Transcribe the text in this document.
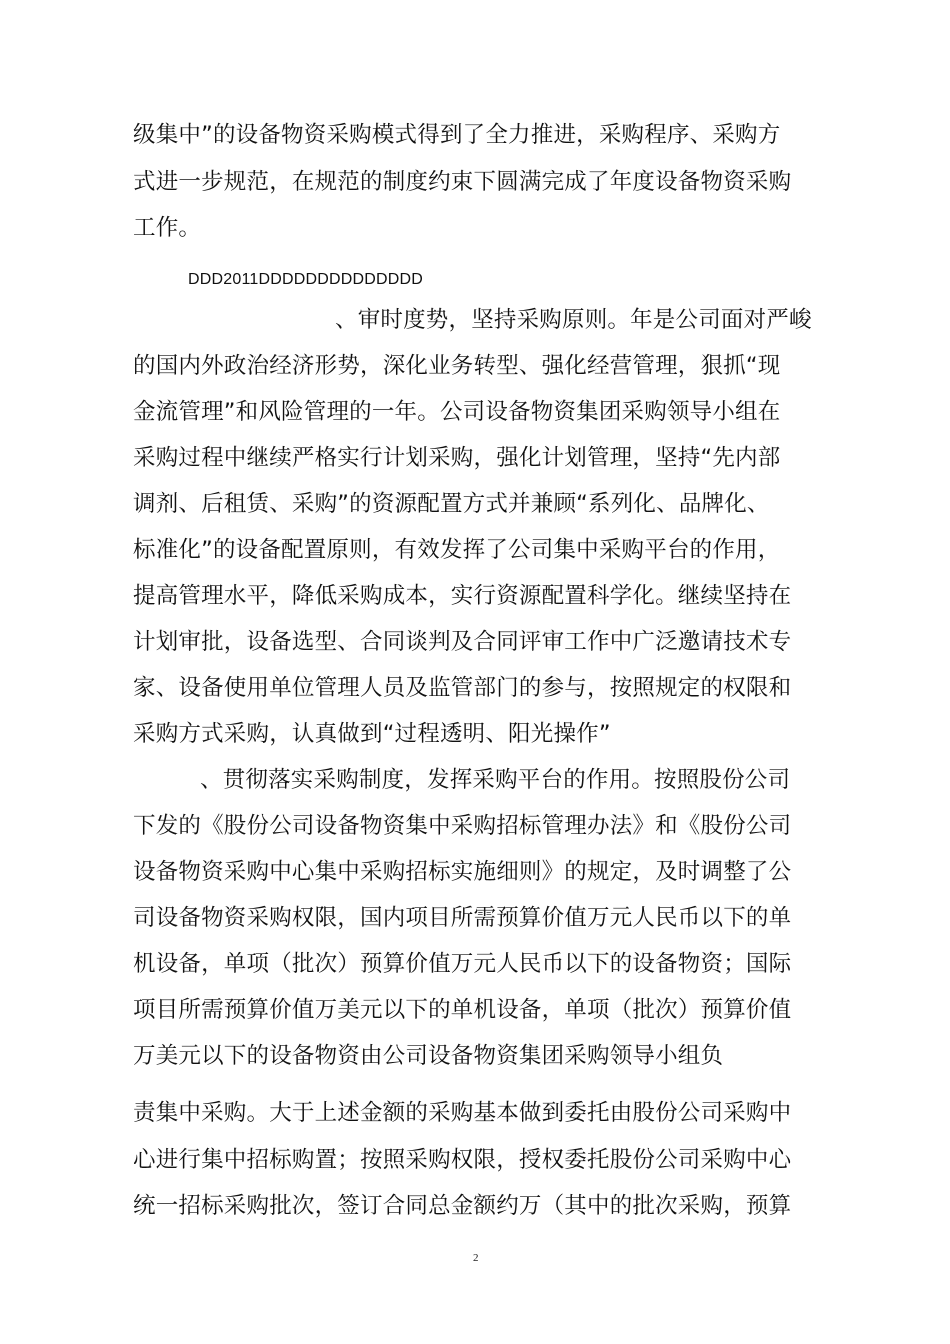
级集中”的设备物资采购模式得到了全力推进，采购程序、采购方
式进一步规范，在规范的制度约束下圆满完成了年度设备物资采购
工作。
DDD2011DDDDDDDDDDDDDD
、审时度势，坚持采购原则。年是公司面对严峻
的国内外政治经济形势，深化业务转型、强化经营管理，狠抓“现
金流管理”和风险管理的一年。公司设备物资集团采购领导小组在
采购过程中继续严格实行计划采购，强化计划管理，坚持“先内部
调剂、后租赁、采购”的资源配置方式并兼顾“系列化、品牌化、
标准化”的设备配置原则，有效发挥了公司集中采购平台的作用，
提高管理水平，降低采购成本，实行资源配置科学化。继续坚持在
计划审批，设备选型、合同谈判及合同评审工作中广泛邀请技术专
家、设备使用单位管理人员及监管部门的参与，按照规定的权限和
采购方式采购，认真做到“过程透明、阳光操作”
、贯彻落实采购制度，发挥采购平台的作用。按照股份公司
下发的《股份公司设备物资集中采购招标管理办法》和《股份公司
设备物资采购中心集中采购招标实施细则》的规定，及时调整了公
司设备物资采购权限，国内项目所需预算价值万元人民币以下的单
机设备，单项（批次）预算价值万元人民币以下的设备物资；国际
项目所需预算价值万美元以下的单机设备，单项（批次）预算价值
万美元以下的设备物资由公司设备物资集团采购领导小组负
责集中采购。大于上述金额的采购基本做到委托由股份公司采购中
心进行集中招标购置；按照采购权限，授权委托股份公司采购中心
统一招标采购批次，签订合同总金额约万（其中的批次采购，预算
2
